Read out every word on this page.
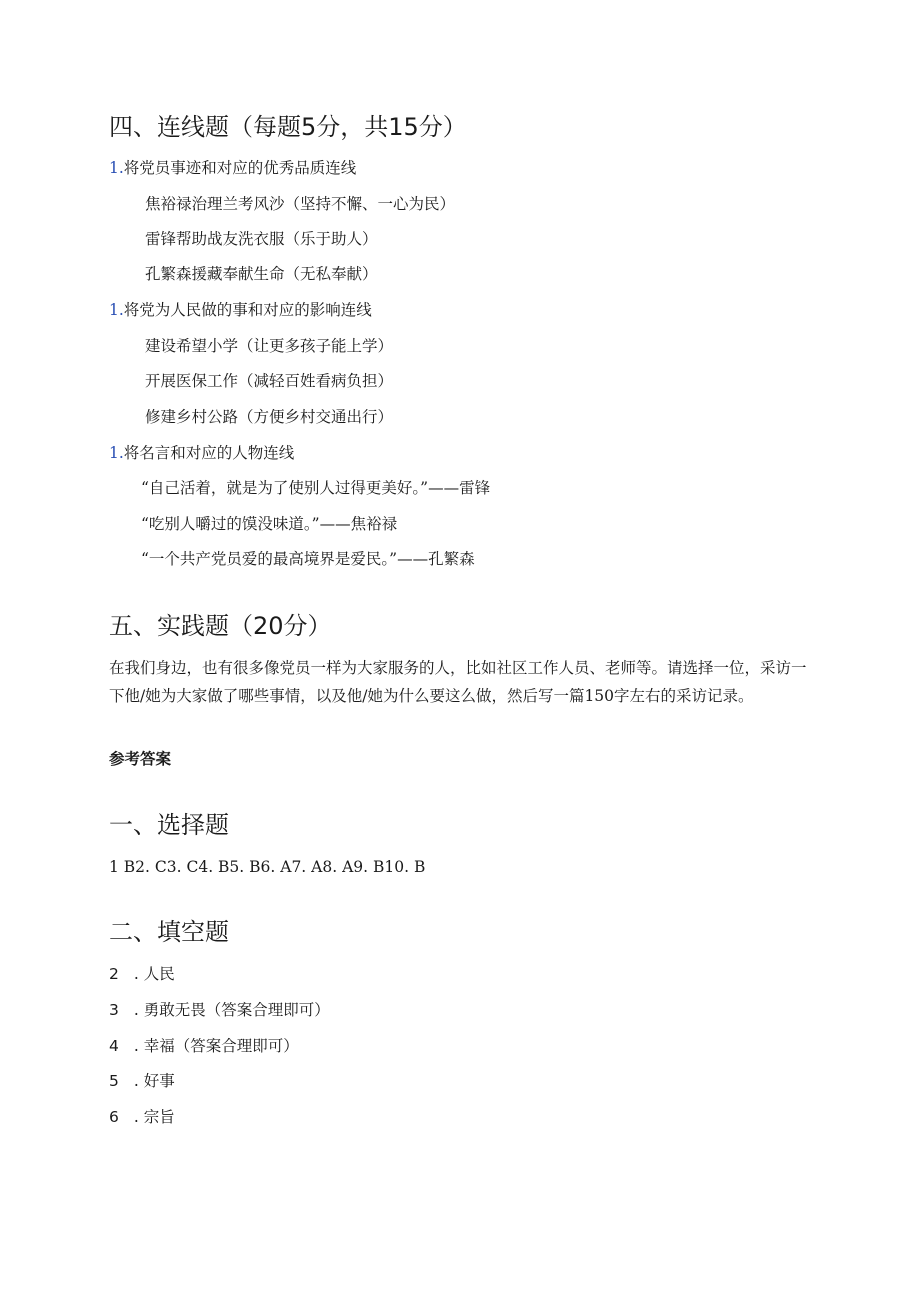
四、连线题（每题5分，共15分）
1.将党员事迹和对应的优秀品质连线
焦裕禄治理兰考风沙（坚持不懈、一心为民）
雷锋帮助战友洗衣服（乐于助人）
孔繁森援藏奉献生命（无私奉献）
1.将党为人民做的事和对应的影响连线
建设希望小学（让更多孩子能上学）
开展医保工作（减轻百姓看病负担）
修建乡村公路（方便乡村交通出行）
1.将名言和对应的人物连线
“自己活着，就是为了使别人过得更美好。”——雷锋
“吃别人嚼过的馍没味道。”——焦裕禄
“一个共产党员爱的最高境界是爱民。”——孔繁森
五、实践题（20分）

在我们身边，也有很多像党员一样为大家服务的人，比如社区工作人员、老师等。请选择一位，采访一下他/她为大家做了哪些事情，以及他/她为什么要这么做，然后写一篇150字左右的采访记录。

参考答案
一、选择题
1 B2. C3. C4. B5. B6. A7. A8. A9. B10. B
二、填空题
2 . 人民
3 . 勇敢无畏（答案合理即可）
4 . 幸福（答案合理即可）
5 . 好事
6 . 宗旨
